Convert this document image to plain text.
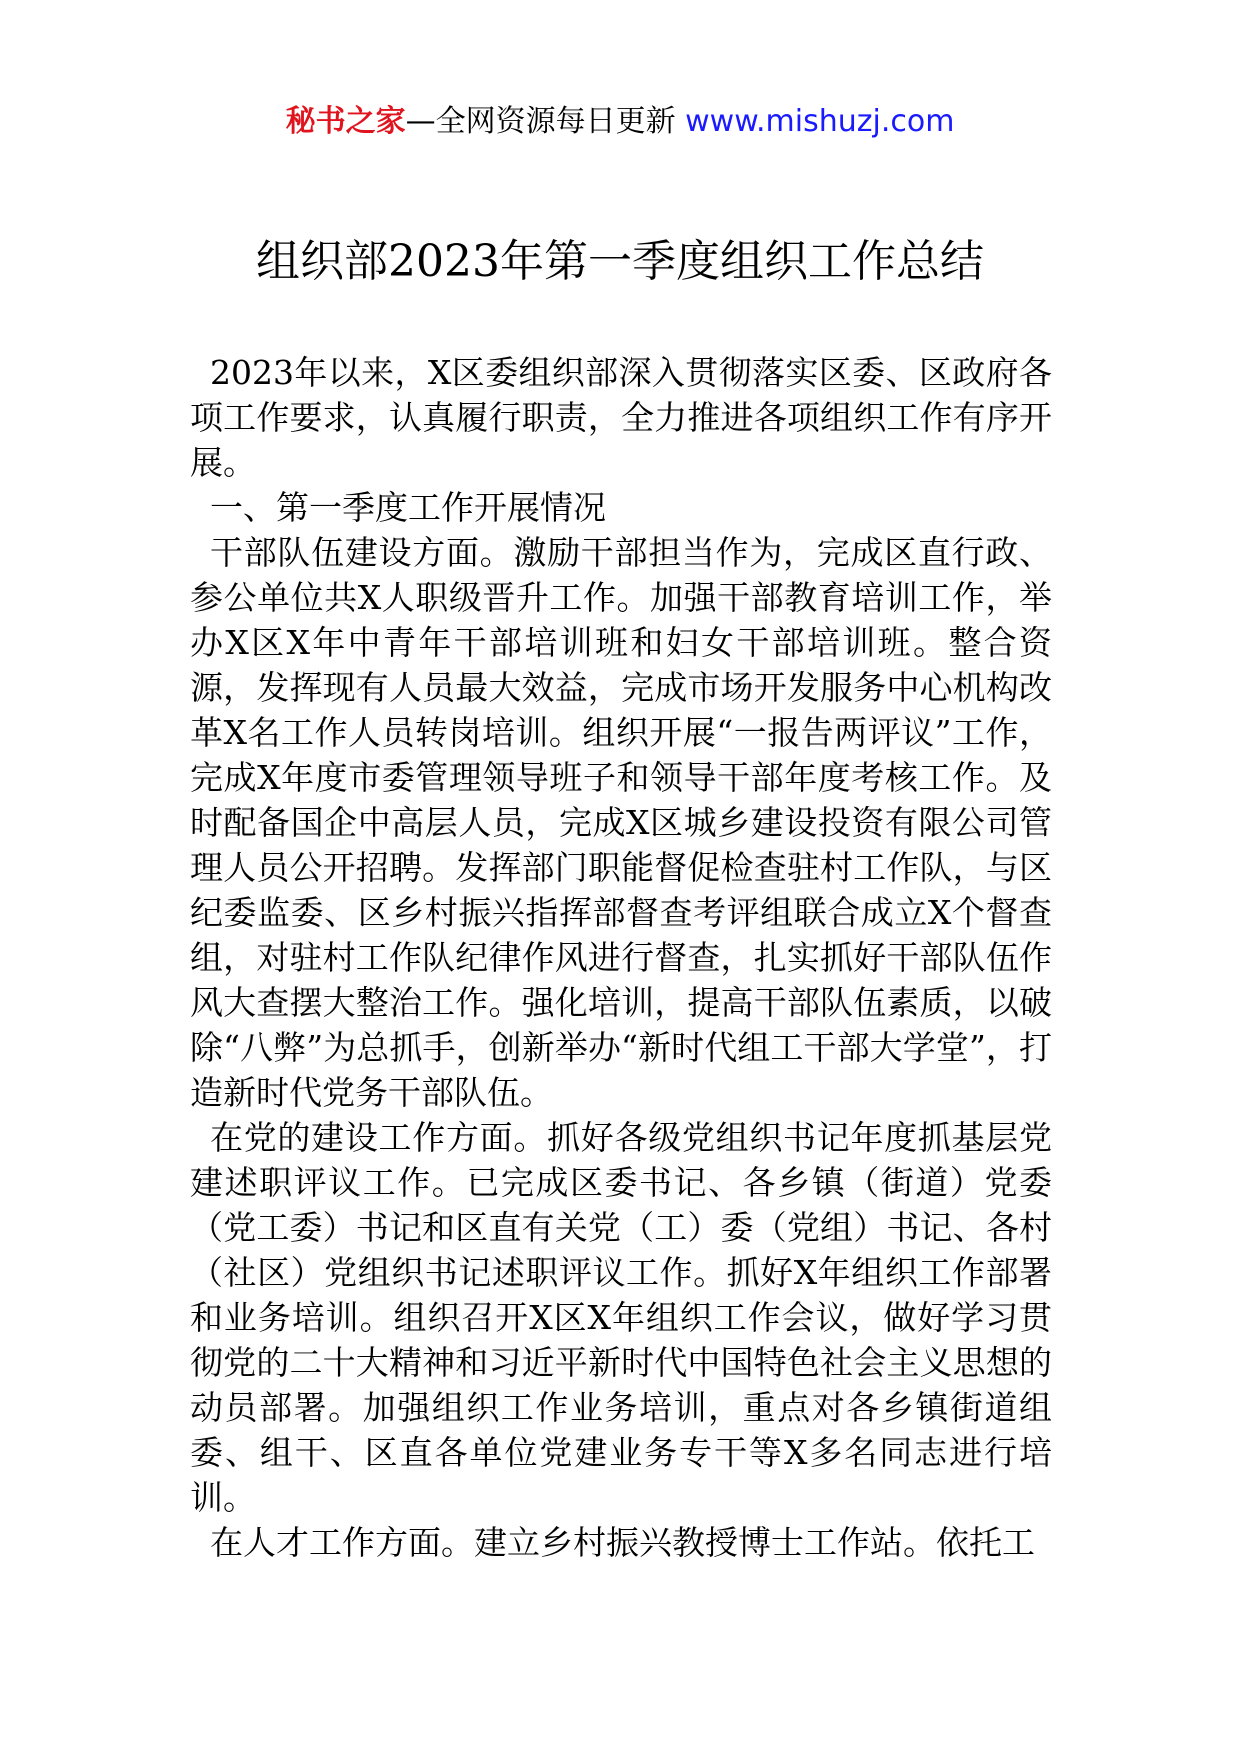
秘书之家—全网资源每日更新 www.mishuzj.com
组织部2023年第一季度组织工作总结

2023年以来，X区委组织部深入贯彻落实区委、区政府各项工作要求，认真履行职责，全力推进各项组织工作有序开展。

一、第一季度工作开展情况

干部队伍建设方面。激励干部担当作为，完成区直行政、参公单位共X人职级晋升工作。加强干部教育培训工作，举办X区X年中青年干部培训班和妇女干部培训班。整合资源，发挥现有人员最大效益，完成市场开发服务中心机构改革X名工作人员转岗培训。组织开展“一报告两评议”工作，完成X年度市委管理领导班子和领导干部年度考核工作。及时配备国企中高层人员，完成X区城乡建设投资有限公司管理人员公开招聘。发挥部门职能督促检查驻村工作队，与区纪委监委、区乡村振兴指挥部督查考评组联合成立X个督查组，对驻村工作队纪律作风进行督查，扎实抓好干部队伍作风大查摆大整治工作。强化培训，提高干部队伍素质，以破除“八弊”为总抓手，创新举办“新时代组工干部大学堂”，打造新时代党务干部队伍。

在党的建设工作方面。抓好各级党组织书记年度抓基层党建述职评议工作。已完成区委书记、各乡镇（街道）党委（党工委）书记和区直有关党（工）委（党组）书记、各村（社区）党组织书记述职评议工作。抓好X年组织工作部署和业务培训。组织召开X区X年组织工作会议，做好学习贯彻党的二十大精神和习近平新时代中国特色社会主义思想的动员部署。加强组织工作业务培训，重点对各乡镇街道组委、组干、区直各单位党建业务专干等X多名同志进行培训。

在人才工作方面。建立乡村振兴教授博士工作站。依托工
